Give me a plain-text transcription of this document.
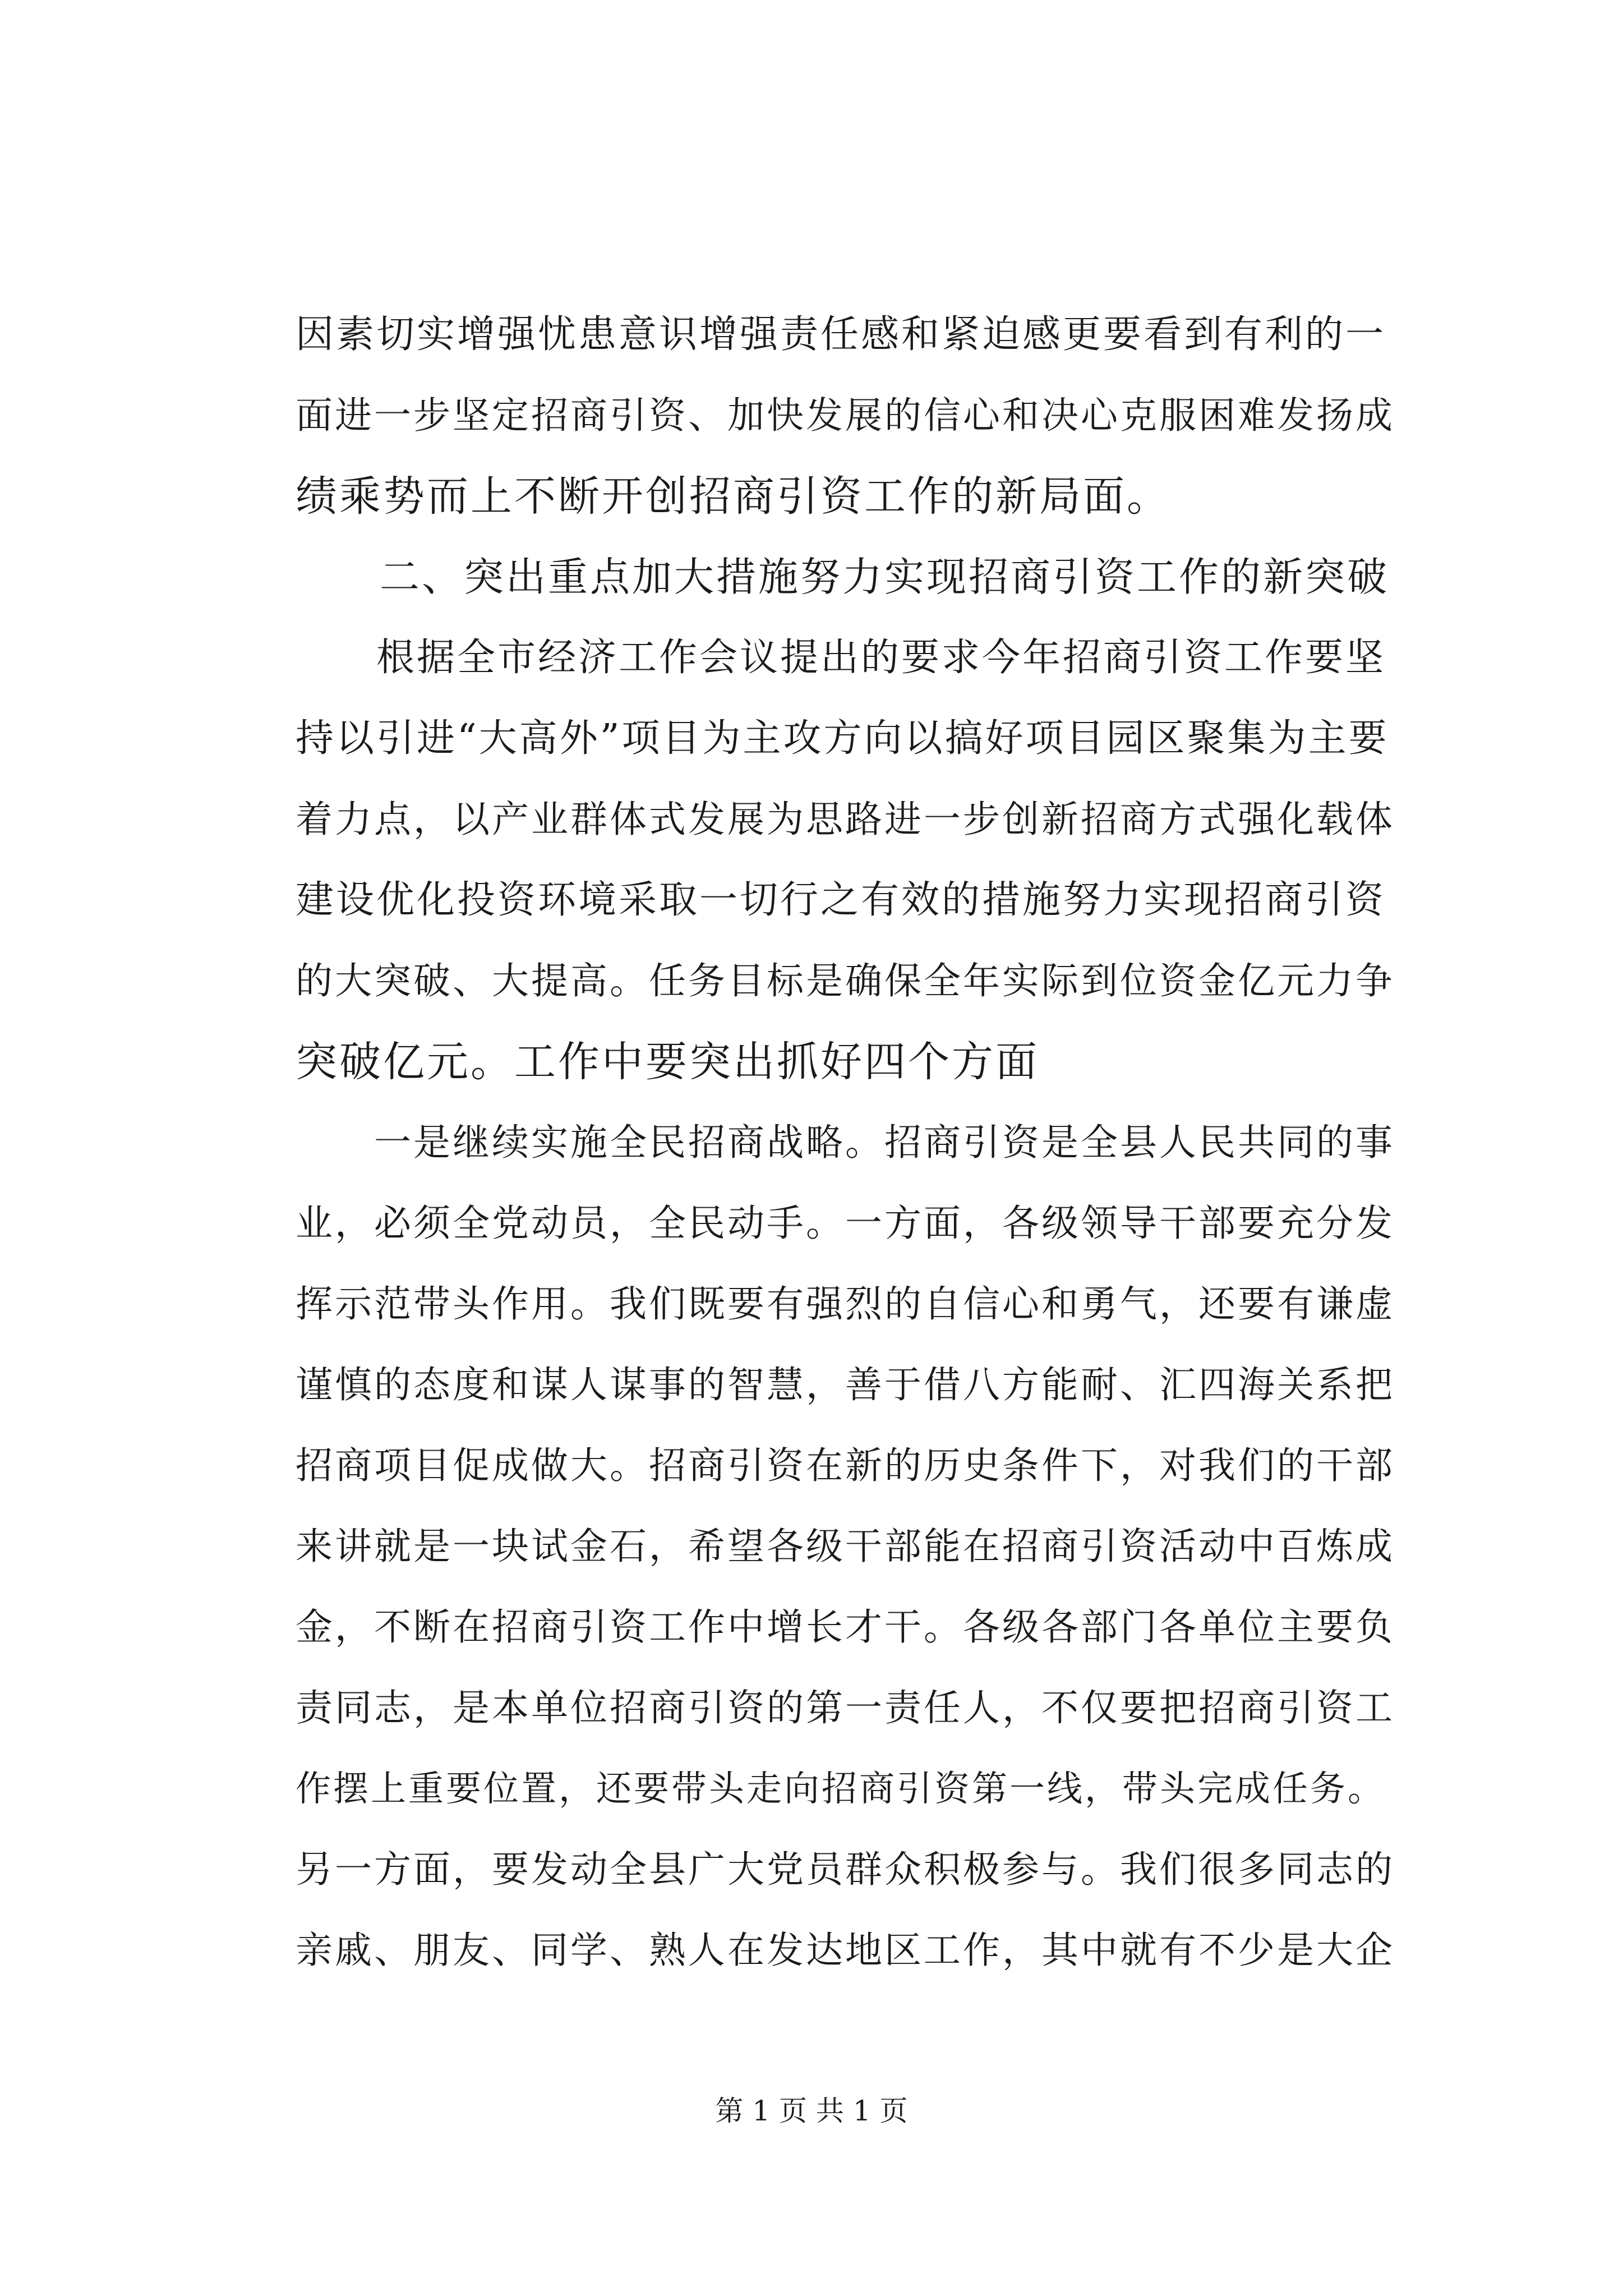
因素切实增强忧患意识增强责任感和紧迫感更要看到有利的一
面进一步坚定招商引资、加快发展的信心和决心克服困难发扬成
绩乘势而上不断开创招商引资工作的新局面。
　　二、突出重点加大措施努力实现招商引资工作的新突破
　　根据全市经济工作会议提出的要求今年招商引资工作要坚
持以引进“大高外”项目为主攻方向以搞好项目园区聚集为主要
着力点，以产业群体式发展为思路进一步创新招商方式强化载体
建设优化投资环境采取一切行之有效的措施努力实现招商引资
的大突破、大提高。任务目标是确保全年实际到位资金亿元力争
突破亿元。工作中要突出抓好四个方面
　　一是继续实施全民招商战略。招商引资是全县人民共同的事
业，必须全党动员，全民动手。一方面，各级领导干部要充分发
挥示范带头作用。我们既要有强烈的自信心和勇气，还要有谦虚
谨慎的态度和谋人谋事的智慧，善于借八方能耐、汇四海关系把
招商项目促成做大。招商引资在新的历史条件下，对我们的干部
来讲就是一块试金石，希望各级干部能在招商引资活动中百炼成
金，不断在招商引资工作中增长才干。各级各部门各单位主要负
责同志，是本单位招商引资的第一责任人，不仅要把招商引资工
作摆上重要位置，还要带头走向招商引资第一线，带头完成任务。
另一方面，要发动全县广大党员群众积极参与。我们很多同志的
亲戚、朋友、同学、熟人在发达地区工作，其中就有不少是大企
第 1 页 共 1 页
